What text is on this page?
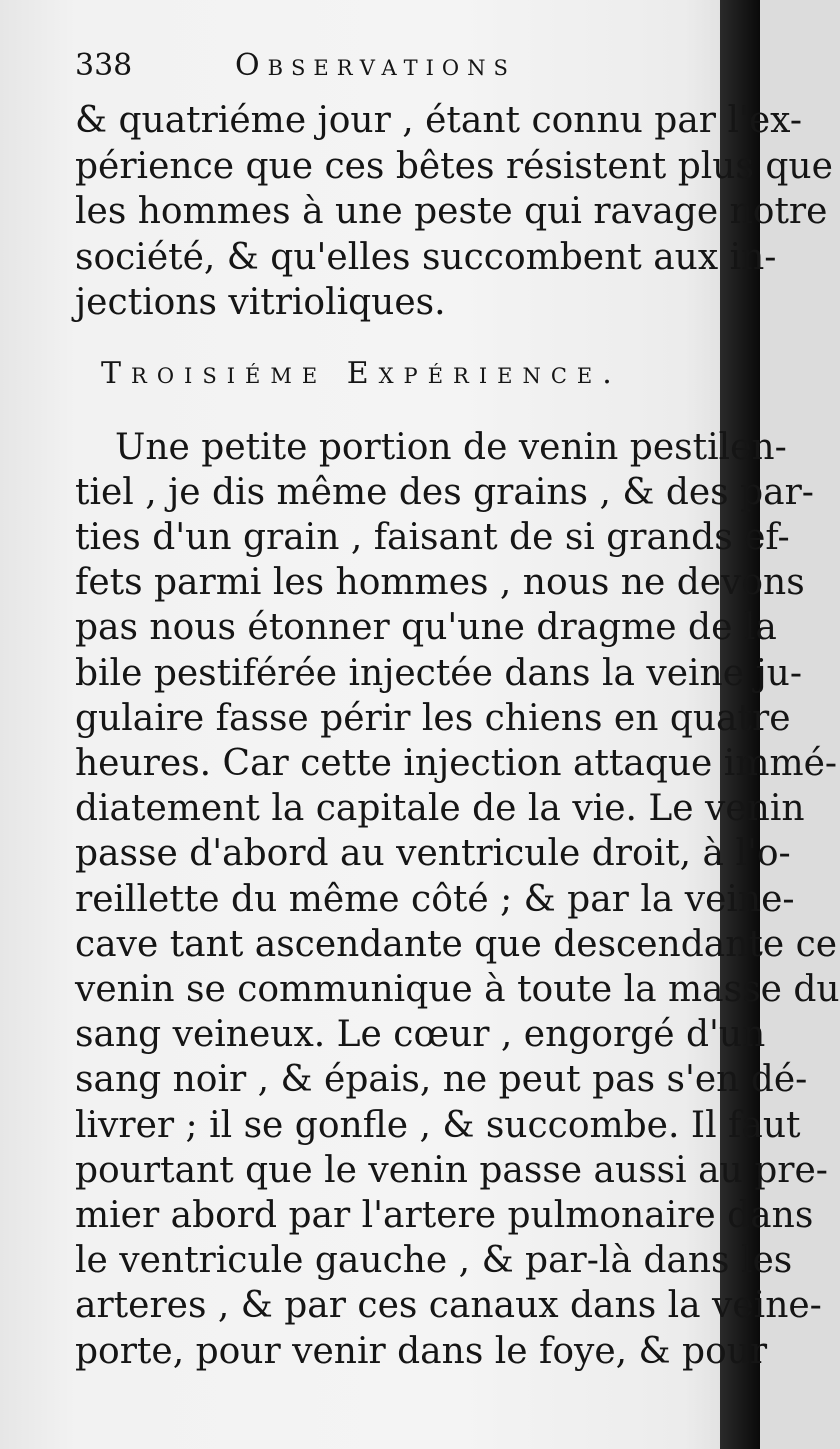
338	Observations
& quatriéme jour , étant connu par l'ex-
périence que ces bêtes résistent plus que
les hommes à une peste qui ravage notre
société, & qu'elles succombent aux in-
jections vitrioliques.
Troisiéme Expérience.
Une petite portion de venin pestilen-
tiel , je dis même des grains , & des par-
ties d'un grain , faisant de si grands ef-
fets parmi les hommes , nous ne devons
pas nous étonner qu'une dragme de la
bile pestiférée injectée dans la veine ju-
gulaire fasse périr les chiens en quatre
heures. Car cette injection attaque immé-
diatement la capitale de la vie. Le venin
passe d'abord au ventricule droit, à l'o-
reillette du même côté ; & par la veine-
cave tant ascendante que descendante ce
venin se communique à toute la masse du
sang veineux. Le cœur , engorgé d'un
sang noir , & épais, ne peut pas s'en dé-
livrer ; il se gonfle , & succombe. Il faut
pourtant que le venin passe aussi au pre-
mier abord par l'artere pulmonaire dans
le ventricule gauche , & par-là dans les
arteres , & par ces canaux dans la veine-
porte, pour venir dans le foye, & pour
